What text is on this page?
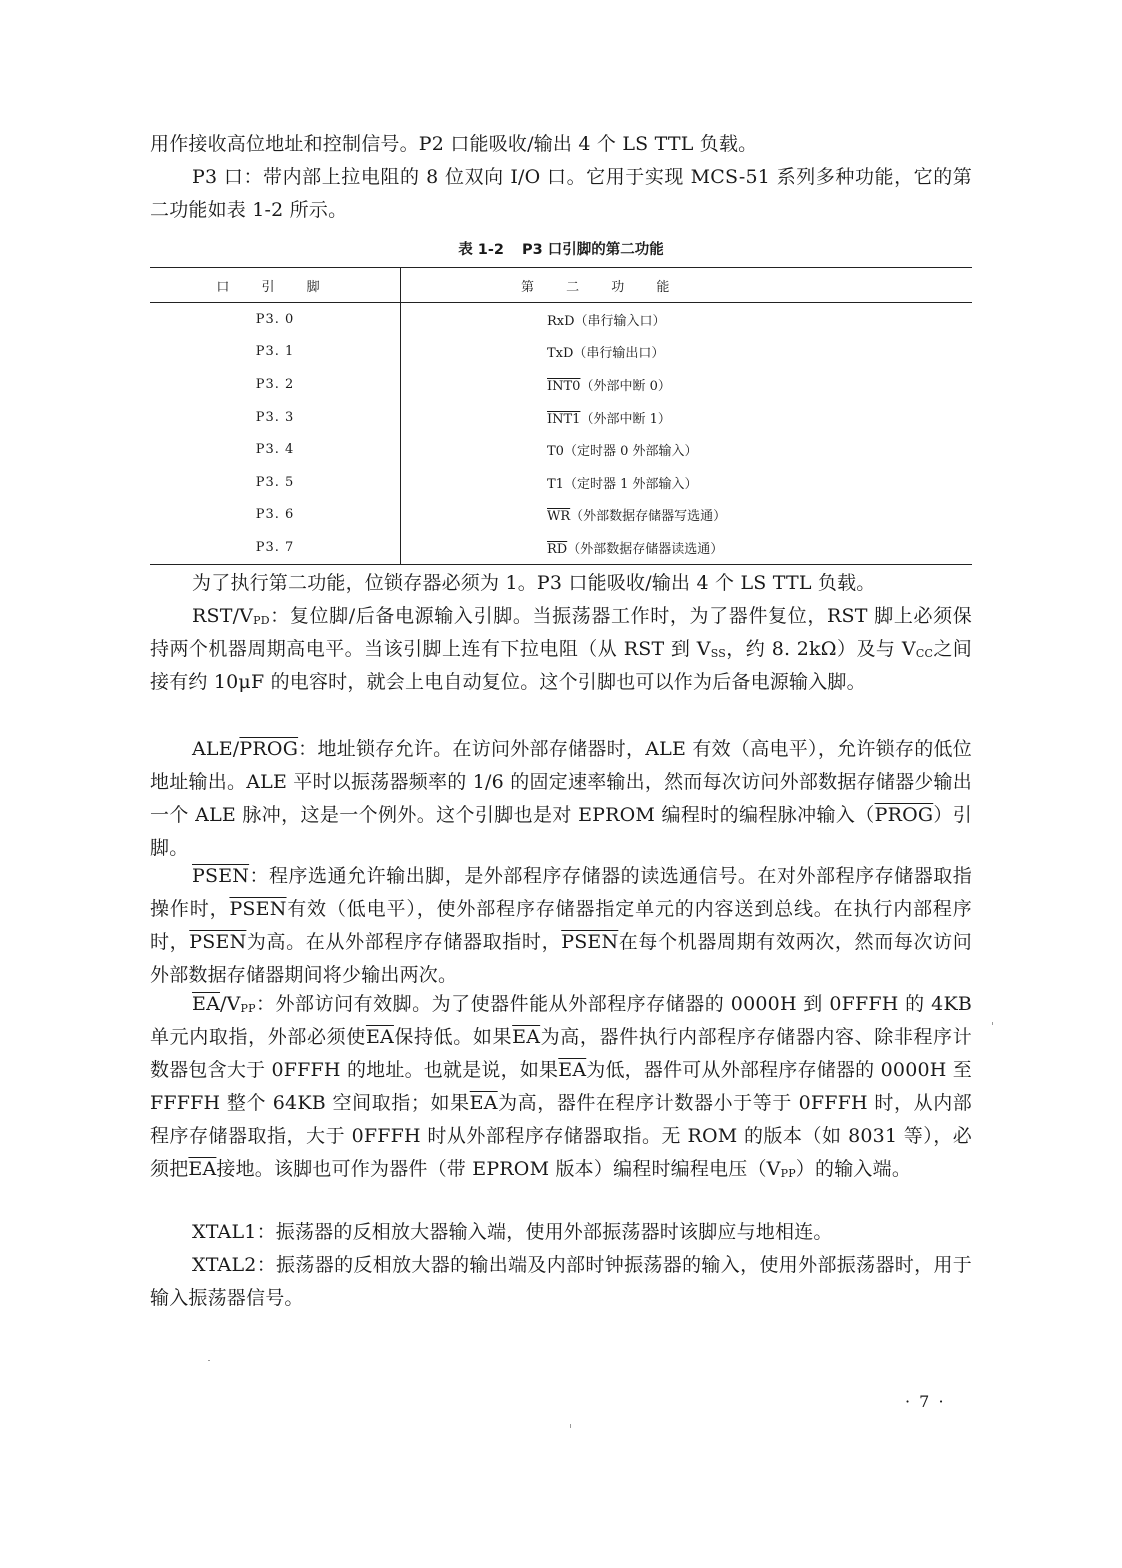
用作接收高位地址和控制信号。P2 口能吸收/输出 4 个 LS TTL 负载。

P3 口：带内部上拉电阻的 8 位双向 I/O 口。它用于实现 MCS-51 系列多种功能，它的第二功能如表 1-2 所示。

表 1-2 P3 口引脚的第二功能
口 引 脚	第 二 功 能
P3. 0	RxD（串行输入口）
P3. 1	TxD（串行输出口）
P3. 2	INT0（外部中断 0）
P3. 3	INT1（外部中断 1）
P3. 4	T0（定时器 0 外部输入）
P3. 5	T1（定时器 1 外部输入）
P3. 6	$\overline{WR}$（外部数据存储器写选通）
P3. 7	$\overline{RD}$（外部数据存储器读选通）

为了执行第二功能，位锁存器必须为 1。P3 口能吸收/输出 4 个 LS TTL 负载。

RST/$V_{PD}$：复位脚/后备电源输入引脚。当振荡器工作时，为了器件复位，RST 脚上必须保持两个机器周期高电平。当该引脚上连有下拉电阻（从 RST 到 $V_{SS}$，约 8. 2kΩ）及与 $V_{CC}$之间接有约 10μF 的电容时，就会上电自动复位。这个引脚也可以作为后备电源输入脚。

ALE/PROG：地址锁存允许。在访问外部存储器时，ALE 有效（高电平），允许锁存的低位地址输出。ALE 平时以振荡器频率的 1/6 的固定速率输出，然而每次访问外部数据存储器少输出一个 ALE 脉冲，这是一个例外。这个引脚也是对 EPROM 编程时的编程脉冲输入（PROG）引脚。

PSEN：程序选通允许输出脚，是外部程序存储器的读选通信号。在对外部程序存储器取指操作时，PSEN有效（低电平），使外部程序存储器指定单元的内容送到总线。在执行内部程序时，PSEN为高。在从外部程序存储器取指时，PSEN在每个机器周期有效两次，然而每次访问外部数据存储器期间将少输出两次。

$\overline{EA}/V_{PP}$：外部访问有效脚。为了使器件能从外部程序存储器的 0000H 到 0FFFH 的 4KB 单元内取指，外部必须使$\overline{EA}$保持低。如果$\overline{EA}$为高，器件执行内部程序存储器内容、除非程序计数器包含大于 0FFFH 的地址。也就是说，如果$\overline{EA}$为低，器件可从外部程序存储器的 0000H 至 FFFFH 整个 64KB 空间取指；如果$\overline{EA}$为高，器件在程序计数器小于等于 0FFFH 时，从内部程序存储器取指，大于 0FFFH 时从外部程序存储器取指。无 ROM 的版本（如 8031 等），必须把$\overline{EA}$接地。该脚也可作为器件（带 EPROM 版本）编程时编程电压$(V_{PP})$的输入端。

XTAL1：振荡器的反相放大器输入端，使用外部振荡器时该脚应与地相连。

XTAL2：振荡器的反相放大器的输出端及内部时钟振荡器的输入，使用外部振荡器时，用于输入振荡器信号。

· 7 ·
